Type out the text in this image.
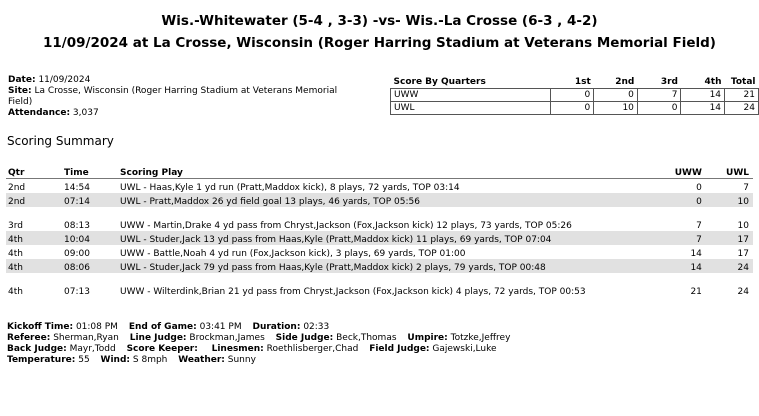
Wis.-Whitewater (5-4 , 3-3) -vs- Wis.-La Crosse (6-3 , 4-2)
11/09/2024 at La Crosse, Wisconsin (Roger Harring Stadium at Veterans Memorial Field)
Date: 11/09/2024
Site: La Crosse, Wisconsin (Roger Harring Stadium at Veterans Memorial Field)
Attendance: 3,037
Score By Quarters	1st	2nd	3rd	4th	Total
UWW	0	0	7	14	21
UWL	0	10	0	14	24
Scoring Summary
Qtr	Time	Scoring Play	UWW	UWL
2nd	14:54	UWL - Haas,Kyle 1 yd run (Pratt,Maddox kick), 8 plays, 72 yards, TOP 03:14	0	7
2nd	07:14	UWL - Pratt,Maddox 26 yd field goal 13 plays, 46 yards, TOP 05:56	0	10
3rd	08:13	UWW - Martin,Drake 4 yd pass from Chryst,Jackson (Fox,Jackson kick) 12 plays, 73 yards, TOP 05:26	7	10
4th	10:04	UWL - Studer,Jack 13 yd pass from Haas,Kyle (Pratt,Maddox kick) 11 plays, 69 yards, TOP 07:04	7	17
4th	09:00	UWW - Battle,Noah 4 yd run (Fox,Jackson kick), 3 plays, 69 yards, TOP 01:00	14	17
4th	08:06	UWL - Studer,Jack 79 yd pass from Haas,Kyle (Pratt,Maddox kick) 2 plays, 79 yards, TOP 00:48	14	24
4th	07:13	UWW - Wilterdink,Brian 21 yd pass from Chryst,Jackson (Fox,Jackson kick) 4 plays, 72 yards, TOP 00:53	21	24
Kickoff Time: 01:08 PM End of Game: 03:41 PM Duration: 02:33
Referee: Sherman,Ryan Line Judge: Brockman,James Side Judge: Beck,Thomas Umpire: Totzke,Jeffrey
Back Judge: Mayr,Todd Score Keeper: Linesmen: Roethlisberger,Chad Field Judge: Gajewski,Luke
Temperature: 55 Wind: S 8mph Weather: Sunny
